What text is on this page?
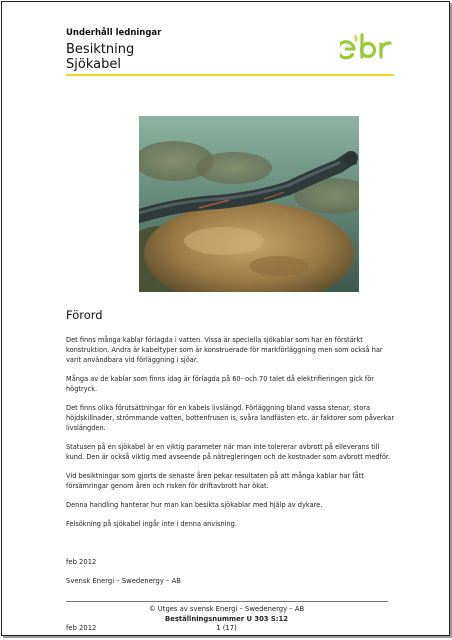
Underhåll ledningar
Besiktning
Sjökabel
Förord

Det finns många kablar förlagda i vatten. Vissa är speciella sjökablar som har en förstärkt konstruktion. Andra är kabeltyper som är konstruerade för markförläggning men som också har varit användbara vid förläggning i sjöar.

Många av de kablar som finns idag är förlagda på 60- och 70 talet då elektrifieringen gick för högtryck.

Det finns olika förutsättningar för en kabels livslängd. Förläggning bland vassa stenar, stora höjdskillnader, strömmande vatten, bottenfrusen is, svåra landfästen etc. är faktorer som påverkar livslängden.

Statusen på en sjökabel är en viktig parameter när man inte tolererar avbrott på elleverans till kund. Den är också viktig med avseende på nätregleringen och de kostnader som avbrott medför.

Vid besiktningar som gjorts de senaste åren pekar resultaten på att många kablar har fått försämringar genom åren och risken för driftavbrott har ökat.

Denna handling hanterar hur man kan besikta sjökablar med hjälp av dykare.

Felsökning på sjökabel ingår inte i denna anvisning.

feb 2012
Svensk Energi – Swedenergy – AB
© Utges av svensk Energi – Swedenergy – AB
Beställningsnummer U 303 S:12
feb 2012	1 (17)
